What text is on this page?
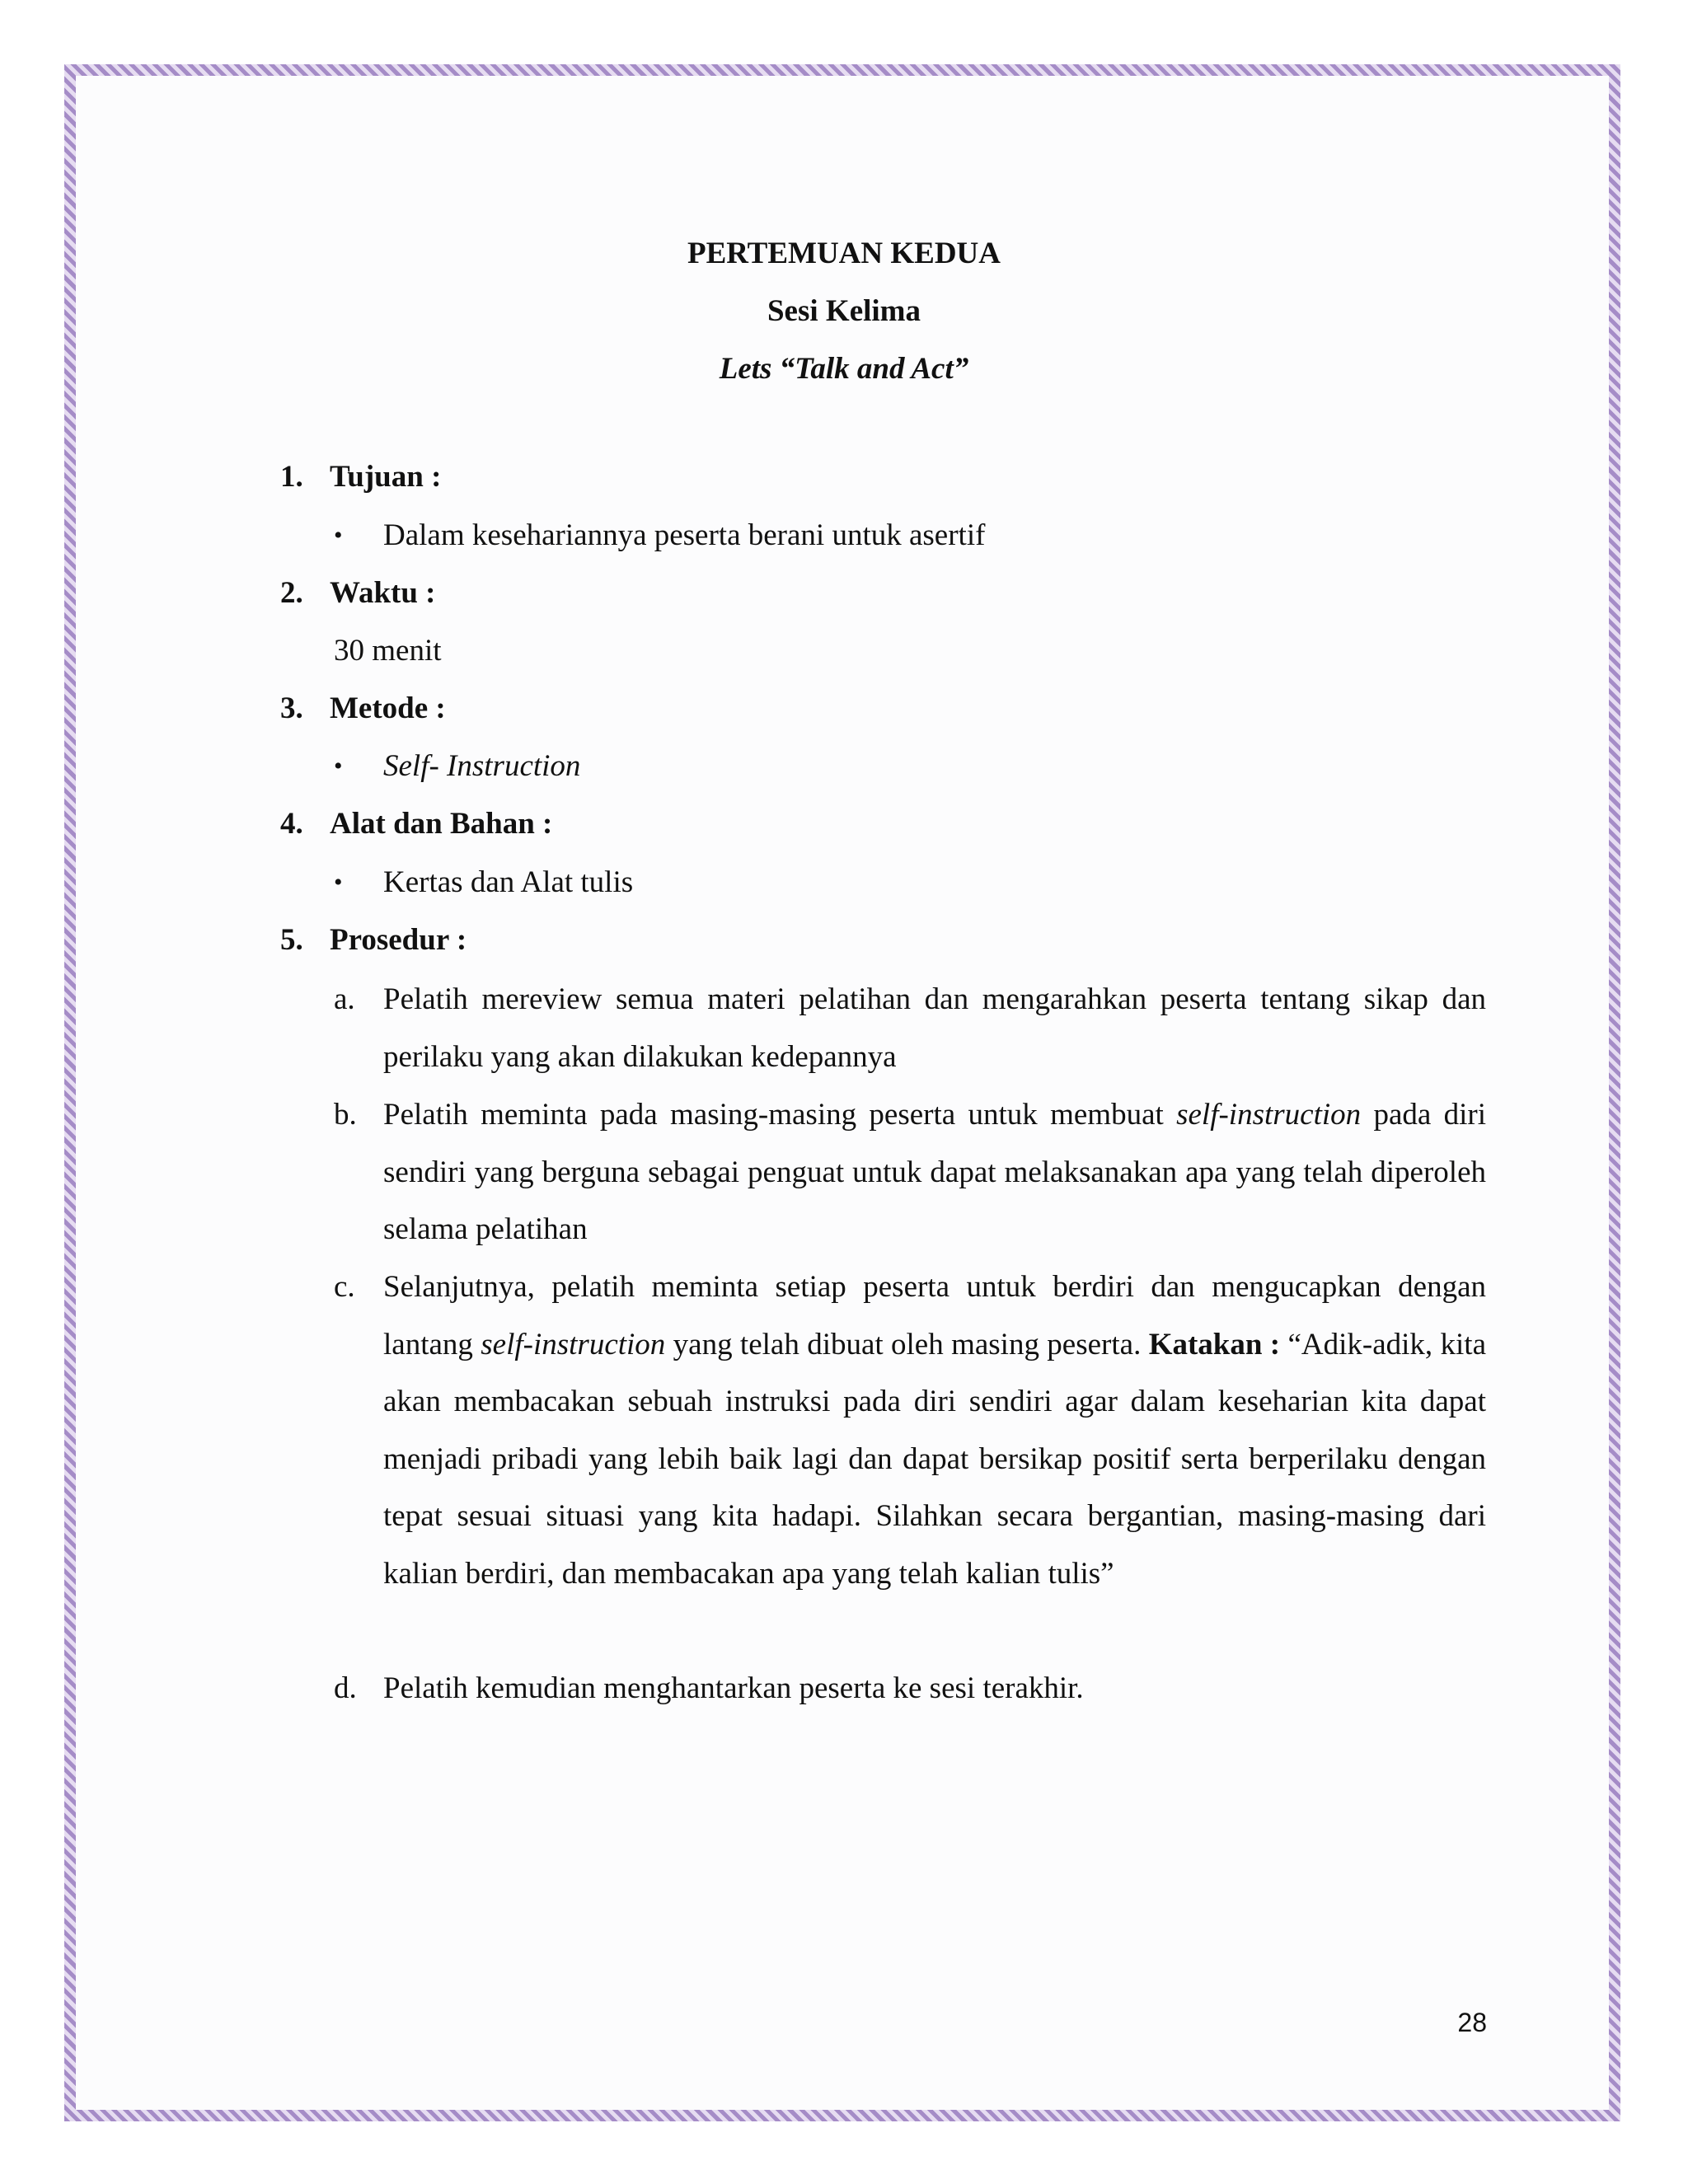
PERTEMUAN KEDUA
Sesi Kelima
Lets “Talk and Act”
1. Tujuan :
• Dalam kesehariannya peserta berani untuk asertif
2. Waktu :
30 menit
3. Metode :
• Self- Instruction
4. Alat dan Bahan :
• Kertas dan Alat tulis
5. Prosedur :
a. Pelatih mereview semua materi pelatihan dan mengarahkan peserta tentang sikap dan perilaku yang akan dilakukan kedepannya
b. Pelatih meminta pada masing-masing peserta untuk membuat self-instruction pada diri sendiri yang berguna sebagai penguat untuk dapat melaksanakan apa yang telah diperoleh selama pelatihan
c. Selanjutnya, pelatih meminta setiap peserta untuk berdiri dan mengucapkan dengan lantang self-instruction yang telah dibuat oleh masing peserta. Katakan : “Adik-adik, kita akan membacakan sebuah instruksi pada diri sendiri agar dalam keseharian kita dapat menjadi pribadi yang lebih baik lagi dan dapat bersikap positif serta berperilaku dengan tepat sesuai situasi yang kita hadapi. Silahkan secara bergantian, masing-masing dari kalian berdiri, dan membacakan apa yang telah kalian tulis”
d. Pelatih kemudian menghantarkan peserta ke sesi terakhir.
28
